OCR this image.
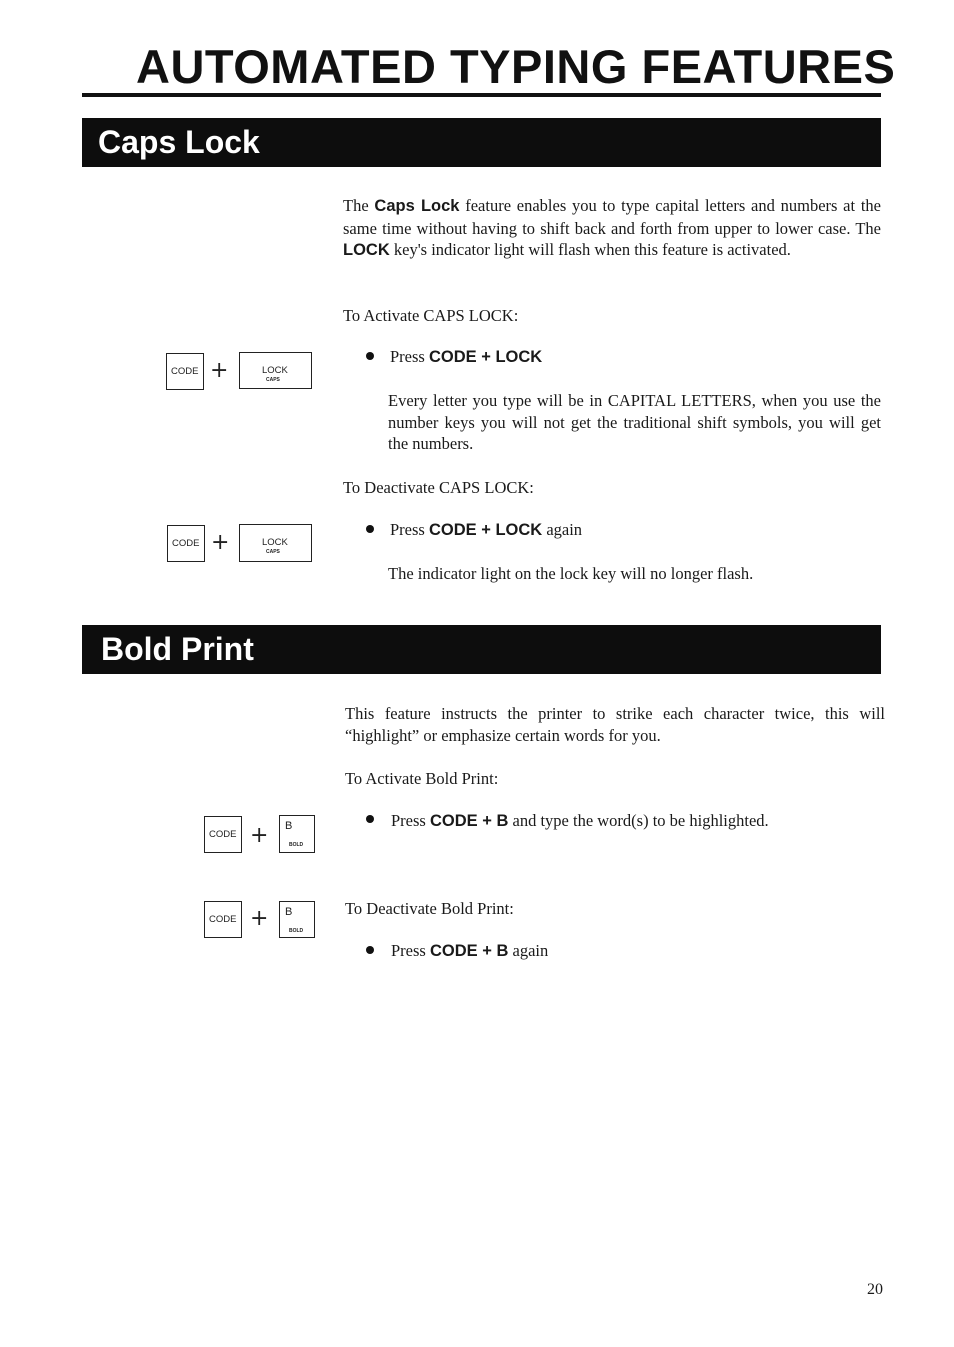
AUTOMATED TYPING FEATURES
Caps Lock

The Caps Lock feature enables you to type capital letters and numbers at the same time without having to shift back and forth from upper to lower case. The LOCK key's indicator light will flash when this feature is activated.

To Activate CAPS LOCK:

CODE +	LOCK
CAPS

Press CODE + LOCK

Every letter you type will be in CAPITAL LETTERS, when you use the number keys you will not get the traditional shift symbols, you will get the numbers.

To Deactivate CAPS LOCK:

CODE +	LOCK
CAPS

Press CODE + LOCK again

The indicator light on the lock key will no longer flash.

Bold Print

This feature instructs the printer to strike each character twice, this will “highlight” or emphasize certain words for you.

To Activate Bold Print:

CODE + B
BOLD

Press CODE + B and type the word(s) to be highlighted.

CODE + B
BOLD

To Deactivate Bold Print:

Press CODE + B again

20
